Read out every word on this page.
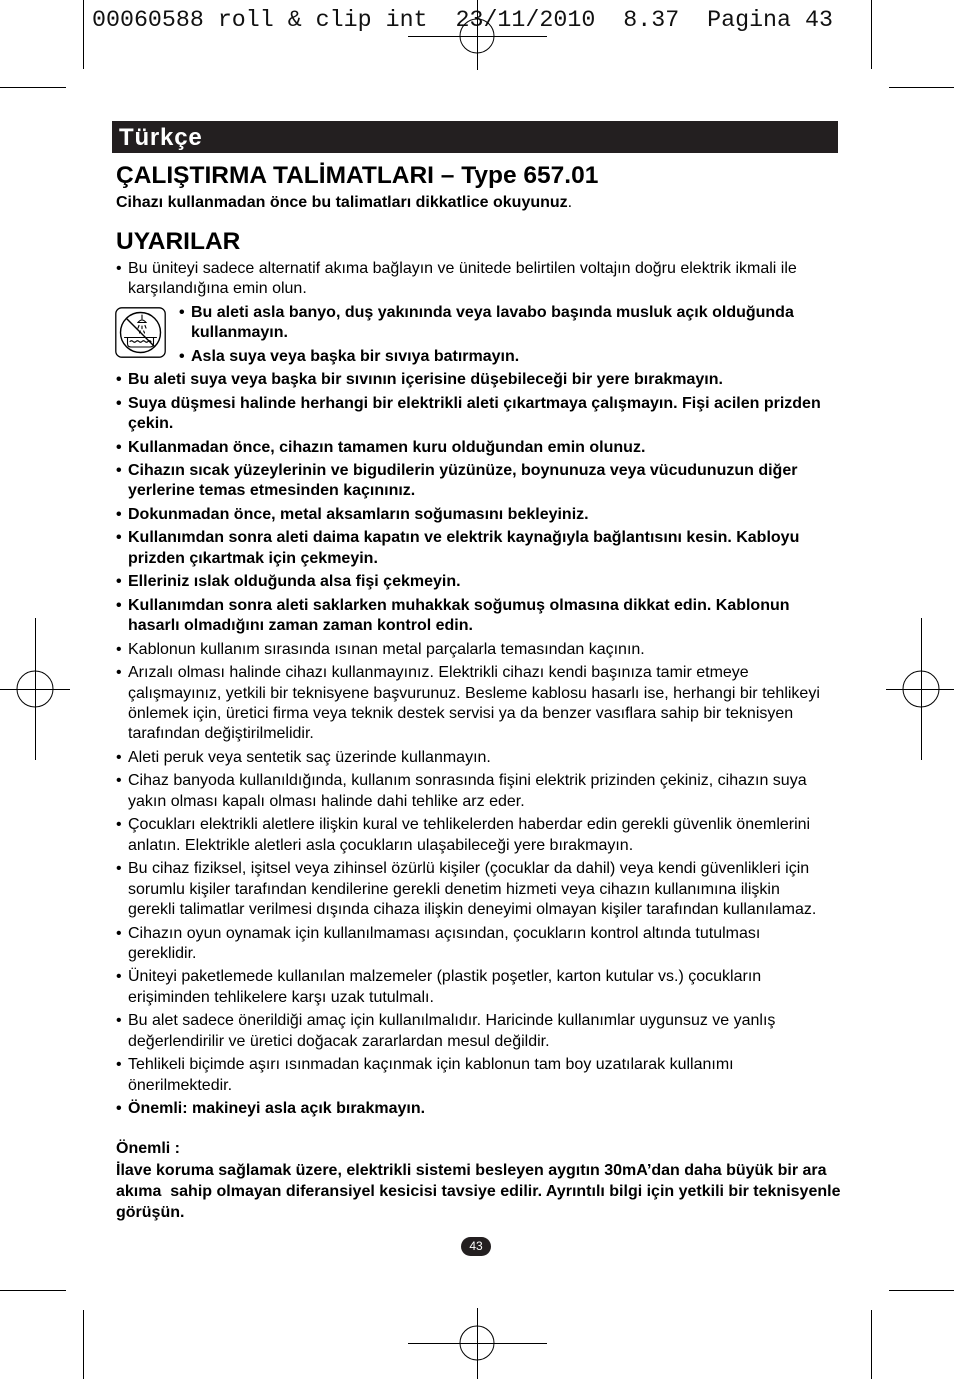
00060588 roll & clip int  23/11/2010  8.37  Pagina 43
Türkçe
ÇALIŞTIRMA TALİMATLARI – Type 657.01
Cihazı kullanmadan önce bu talimatları dikkatlice okuyunuz.
UYARILAR
• Bu üniteyi sadece alternatif akıma bağlayın ve ünitede belirtilen voltajın doğru elektrik ikmali ile
karşılandığına emin olun.
• Bu aleti asla banyo, duş yakınında veya lavabo başında musluk açık olduğunda
kullanmayın.
• Asla suya veya başka bir sıvıya batırmayın.
• Bu aleti suya veya başka bir sıvının içerisine düşebileceği bir yere bırakmayın.
• Suya düşmesi halinde herhangi bir elektrikli aleti çıkartmaya çalışmayın. Fişi acilen prizden
çekin.
• Kullanmadan önce, cihazın tamamen kuru olduğundan emin olunuz.
• Cihazın sıcak yüzeylerinin ve bigudilerin yüzünüze, boynunuza veya vücudunuzun diğer
yerlerine temas etmesinden kaçınınız.
• Dokunmadan önce, metal aksamların soğumasını bekleyiniz.
• Kullanımdan sonra aleti daima kapatın ve elektrik kaynağıyla bağlantısını kesin. Kabloyu
prizden çıkartmak için çekmeyin.
• Elleriniz ıslak olduğunda alsa fişi çekmeyin.
• Kullanımdan sonra aleti saklarken muhakkak soğumuş olmasına dikkat edin. Kablonun
hasarlı olmadığını zaman zaman kontrol edin.
• Kablonun kullanım sırasında ısınan metal parçalarla temasından kaçının.
• Arızalı olması halinde cihazı kullanmayınız. Elektrikli cihazı kendi başınıza tamir etmeye
çalışmayınız, yetkili bir teknisyene başvurunuz. Besleme kablosu hasarlı ise, herhangi bir tehlikeyi
önlemek için, üretici firma veya teknik destek servisi ya da benzer vasıflara sahip bir teknisyen
tarafından değiştirilmelidir.
• Aleti peruk veya sentetik saç üzerinde kullanmayın.
• Cihaz banyoda kullanıldığında, kullanım sonrasında fişini elektrik prizinden çekiniz, cihazın suya
yakın olması kapalı olması halinde dahi tehlike arz eder.
• Çocukları elektrikli aletlere ilişkin kural ve tehlikelerden haberdar edin gerekli güvenlik önemlerini
anlatın. Elektrikle aletleri asla çocukların ulaşabileceği yere bırakmayın.
• Bu cihaz fiziksel, işitsel veya zihinsel özürlü kişiler (çocuklar da dahil) veya kendi güvenlikleri için
sorumlu kişiler tarafından kendilerine gerekli denetim hizmeti veya cihazın kullanımına ilişkin
gerekli talimatlar verilmesi dışında cihaza ilişkin deneyimi olmayan kişiler tarafından kullanılamaz.
• Cihazın oyun oynamak için kullanılmaması açısından, çocukların kontrol altında tutulması
gereklidir.
• Üniteyi paketlemede kullanılan malzemeler (plastik poşetler, karton kutular vs.) çocukların
erişiminden tehlikelere karşı uzak tutulmalı.
• Bu alet sadece önerildiği amaç için kullanılmalıdır. Haricinde kullanımlar uygunsuz ve yanlış
değerlendirilir ve üretici doğacak zararlardan mesul değildir.
• Tehlikeli biçimde aşırı ısınmadan kaçınmak için kablonun tam boy uzatılarak kullanımı
önerilmektedir.
• Önemli: makineyi asla açık bırakmayın.
Önemli :
İlave koruma sağlamak üzere, elektrikli sistemi besleyen aygıtın 30mA’dan daha büyük bir ara
akıma  sahip olmayan diferansiyel kesicisi tavsiye edilir. Ayrıntılı bilgi için yetkili bir teknisyenle
görüşün.
43
